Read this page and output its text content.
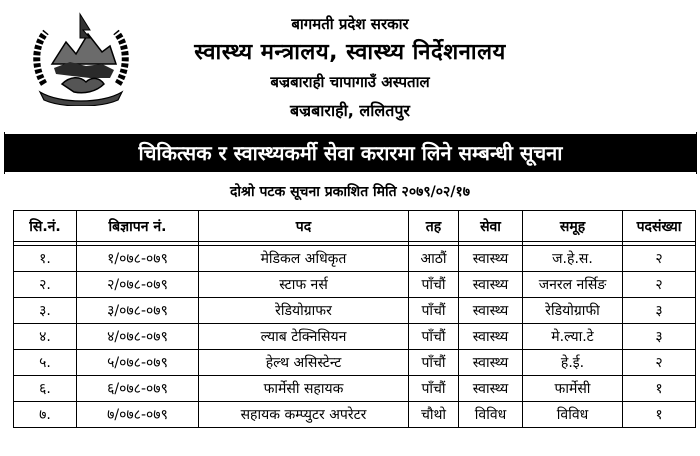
बागमती प्रदेश सरकार
स्वास्थ्य मन्त्रालय, स्वास्थ्य निर्देशनालय
बज्रबाराही चापागाउँ अस्पताल
बज्रबाराही, ललितपुर
चिकित्सक र स्वास्थ्यकर्मी सेवा करारमा लिने सम्बन्धी सूचना
दोश्रो पटक सूचना प्रकाशित मिति २०७९/०२/१७
सि.नं.	बिज्ञापन नं.	पद	तह	सेवा	समूह	पदसंख्या

१.	१/०७८-०७९	मेडिकल अधिकृत	आठौं	स्वास्थ्य	ज.हे.स.	२
२.	२/०७८-०७९	स्टाफ नर्स	पाँचौं	स्वास्थ्य	जनरल नर्सिङ	२
३.	३/०७८-०७९	रेडियोग्राफर	पाँचौं	स्वास्थ्य	रेडियोग्राफी	३
४.	४/०७८-०७९	ल्याब टेक्निसियन	पाँचौं	स्वास्थ्य	मे.ल्या.टे	३
५.	५/०७८-०७९	हेल्थ असिस्टेन्ट	पाँचौं	स्वास्थ्य	हे.ई.	२
६.	६/०७८-०७९	फार्मेसी सहायक	पाँचौं	स्वास्थ्य	फार्मेसी	१
७.	७/०७८-०७९	सहायक कम्प्युटर अपरेटर	चौथो	विविध	विविध	१
